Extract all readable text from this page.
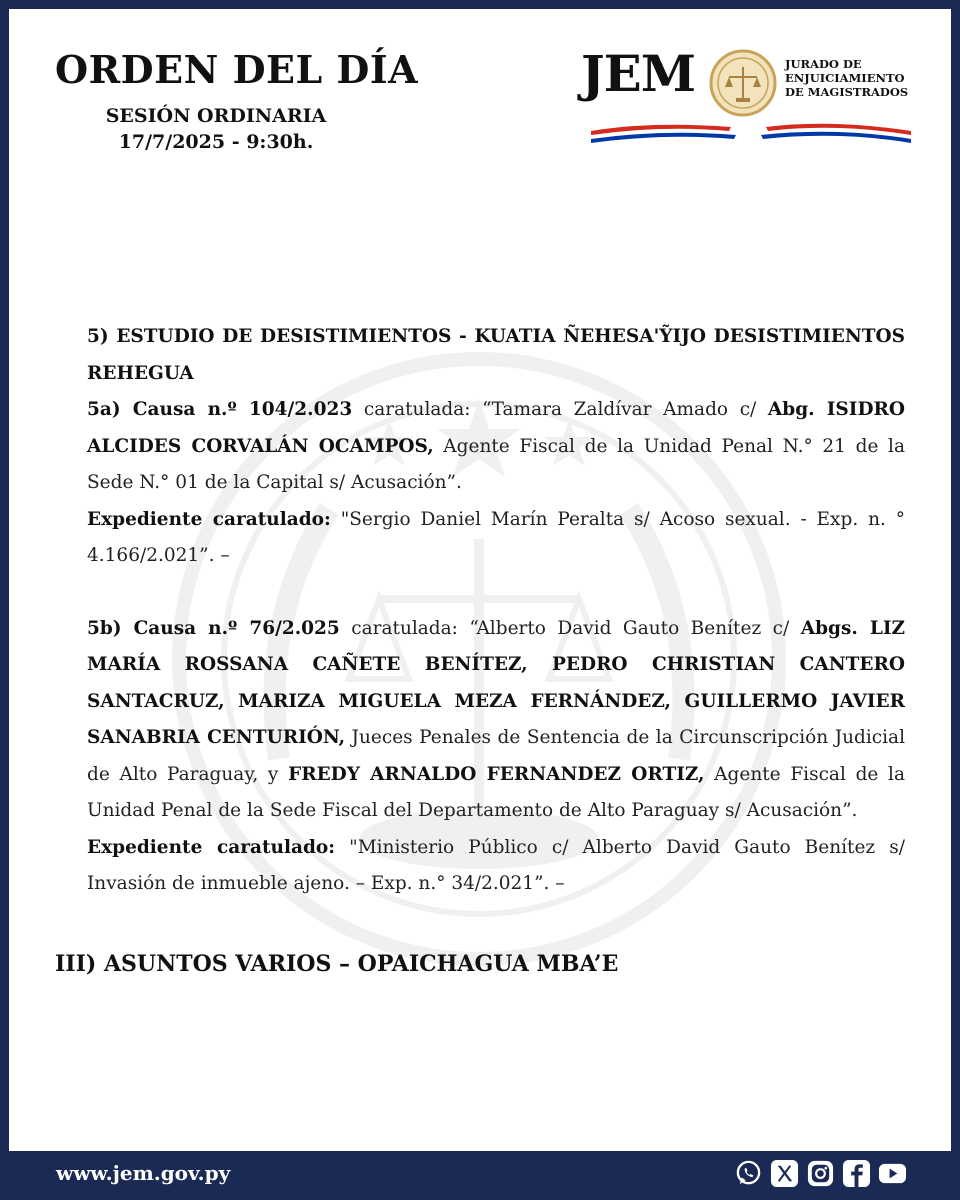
ORDEN DEL DÍA
SESIÓN ORDINARIA
17/7/2025 - 9:30h.
JEM	JURADO DE
ENJUICIAMIENTO
DE MAGISTRADOS

5) ESTUDIO DE DESISTIMIENTOS - KUATIA ÑEHESA'ỸIJO DESISTIMIENTOS REHEGUA

5a) Causa n.º 104/2.023 caratulada: “Tamara Zaldívar Amado c/ Abg. ISIDRO ALCIDES CORVALÁN OCAMPOS, Agente Fiscal de la Unidad Penal N.° 21 de la Sede N.° 01 de la Capital s/ Acusación”.

Expediente caratulado: "Sergio Daniel Marín Peralta s/ Acoso sexual. - Exp. n. ° 4.166/2.021”. –

5b) Causa n.º 76/2.025 caratulada: “Alberto David Gauto Benítez c/ Abgs. LIZ MARÍA ROSSANA CAÑETE BENÍTEZ, PEDRO CHRISTIAN CANTERO SANTACRUZ, MARIZA MIGUELA MEZA FERNÁNDEZ, GUILLERMO JAVIER SANABRIA CENTURIÓN, Jueces Penales de Sentencia de la Circunscripción Judicial de Alto Paraguay, y FREDY ARNALDO FERNANDEZ ORTIZ, Agente Fiscal de la Unidad Penal de la Sede Fiscal del Departamento de Alto Paraguay s/ Acusación”.

Expediente caratulado: "Ministerio Público c/ Alberto David Gauto Benítez s/ Invasión de inmueble ajeno. – Exp. n.° 34/2.021”. –

III) ASUNTOS VARIOS – OPAICHAGUA MBA’E
www.jem.gov.py
